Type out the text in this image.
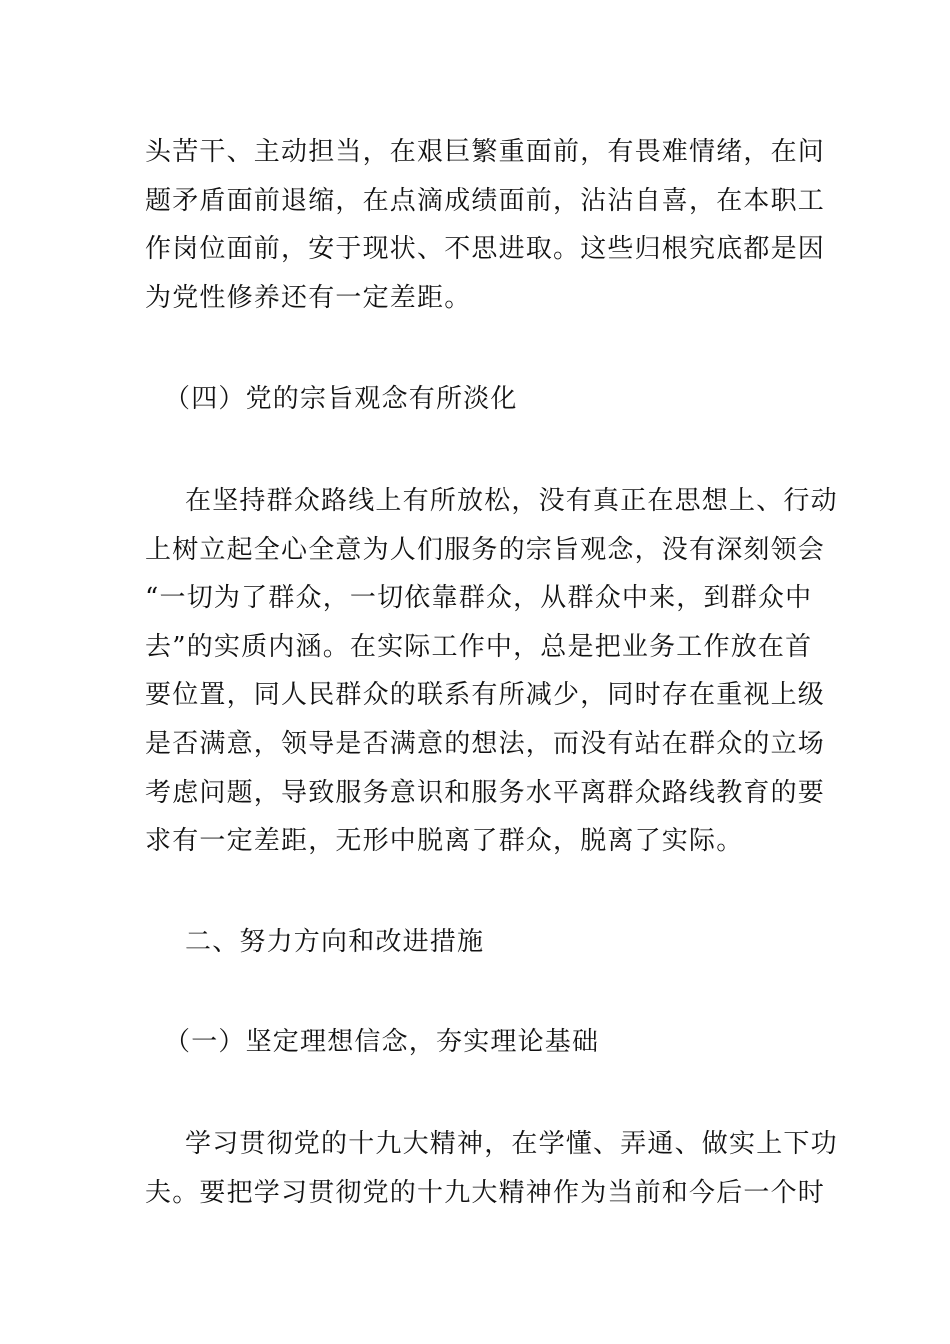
头苦干、主动担当，在艰巨繁重面前，有畏难情绪，在问
题矛盾面前退缩，在点滴成绩面前，沾沾自喜，在本职工
作岗位面前，安于现状、不思进取。这些归根究底都是因
为党性修养还有一定差距。
（四）党的宗旨观念有所淡化
在坚持群众路线上有所放松，没有真正在思想上、行动
上树立起全心全意为人们服务的宗旨观念，没有深刻领会
“一切为了群众，一切依靠群众，从群众中来，到群众中
去”的实质内涵。在实际工作中，总是把业务工作放在首
要位置，同人民群众的联系有所减少，同时存在重视上级
是否满意，领导是否满意的想法，而没有站在群众的立场
考虑问题，导致服务意识和服务水平离群众路线教育的要
求有一定差距，无形中脱离了群众，脱离了实际。
二、努力方向和改进措施
（一）坚定理想信念，夯实理论基础
学习贯彻党的十九大精神，在学懂、弄通、做实上下功
夫。要把学习贯彻党的十九大精神作为当前和今后一个时
